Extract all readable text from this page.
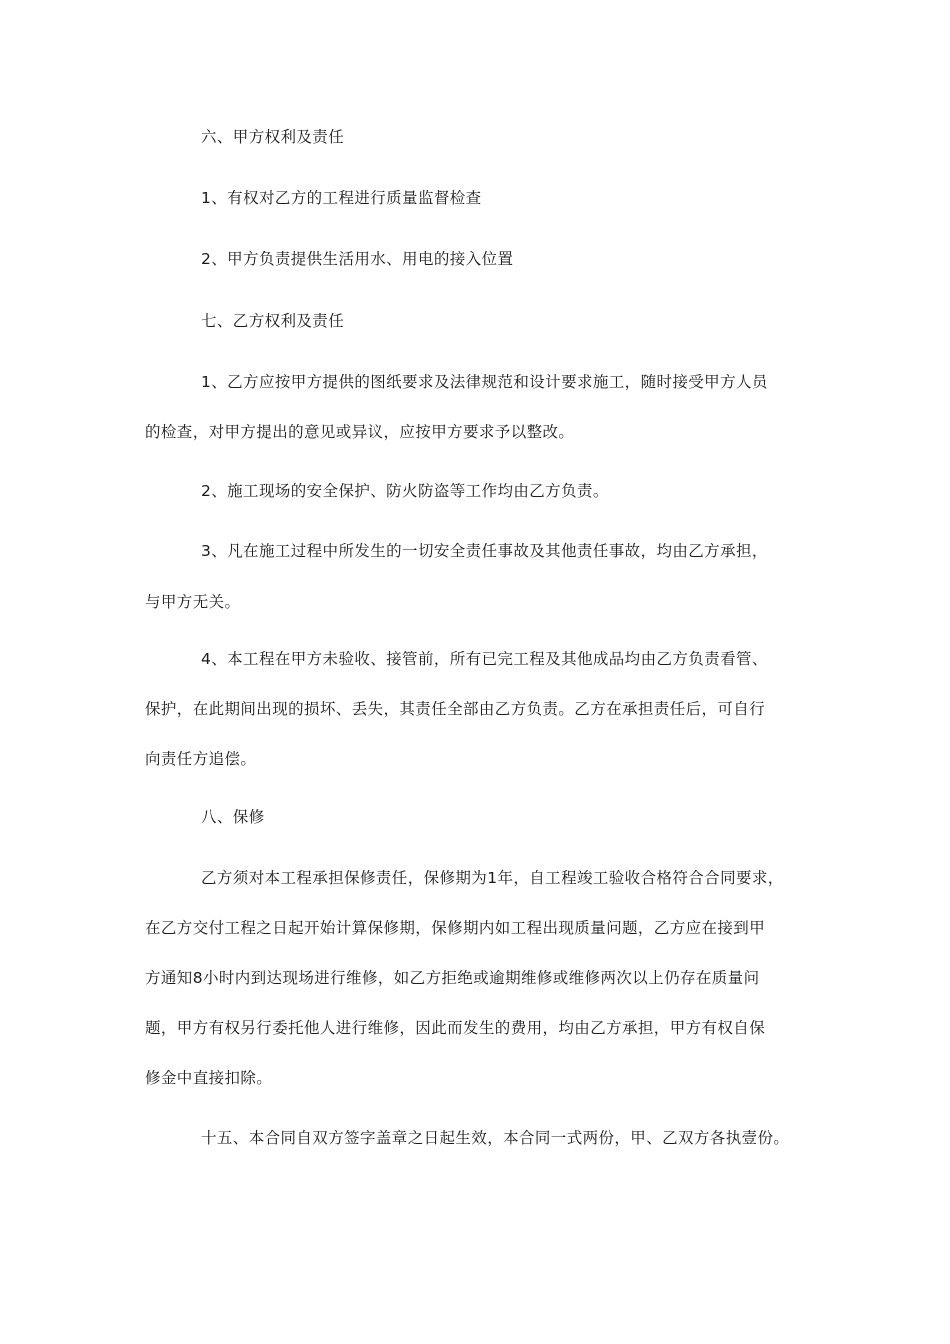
六、甲方权利及责任
1、有权对乙方的工程进行质量监督检查
2、甲方负责提供生活用水、用电的接入位置
七、乙方权利及责任
1、乙方应按甲方提供的图纸要求及法律规范和设计要求施工，随时接受甲方人员
的检查，对甲方提出的意见或异议，应按甲方要求予以整改。
2、施工现场的安全保护、防火防盗等工作均由乙方负责。
3、凡在施工过程中所发生的一切安全责任事故及其他责任事故，均由乙方承担，
与甲方无关。
4、本工程在甲方未验收、接管前，所有已完工程及其他成品均由乙方负责看管、
保护，在此期间出现的损坏、丢失，其责任全部由乙方负责。乙方在承担责任后，可自行
向责任方追偿。
八、保修
乙方须对本工程承担保修责任，保修期为1年，自工程竣工验收合格符合合同要求，
在乙方交付工程之日起开始计算保修期，保修期内如工程出现质量问题，乙方应在接到甲
方通知8小时内到达现场进行维修，如乙方拒绝或逾期维修或维修两次以上仍存在质量问
题，甲方有权另行委托他人进行维修，因此而发生的费用，均由乙方承担，甲方有权自保
修金中直接扣除。
十五、本合同自双方签字盖章之日起生效，本合同一式两份，甲、乙双方各执壹份。
